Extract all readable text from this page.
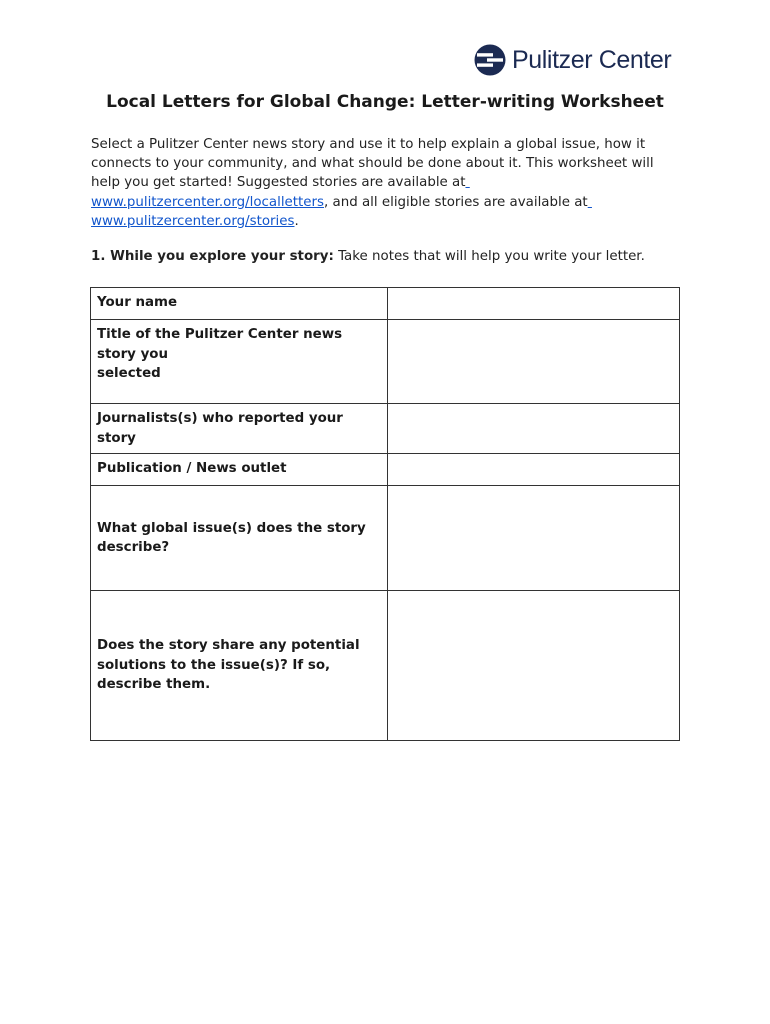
Pulitzer Center
Local Letters for Global Change: Letter-writing Worksheet
Select a Pulitzer Center news story and use it to help explain a global issue, how it
connects to your community, and what should be done about it. This worksheet will
help you get started! Suggested stories are available at
www.pulitzercenter.org/localletters, and all eligible stories are available at
www.pulitzercenter.org/stories.
1. While you explore your story: Take notes that will help you write your letter.
Your name	
Title of the Pulitzer Center news
story you
selected	
Journalists(s) who reported your
story	
Publication / News outlet	
What global issue(s) does the story
describe?	
Does the story share any potential
solutions to the issue(s)? If so,
describe them.	
